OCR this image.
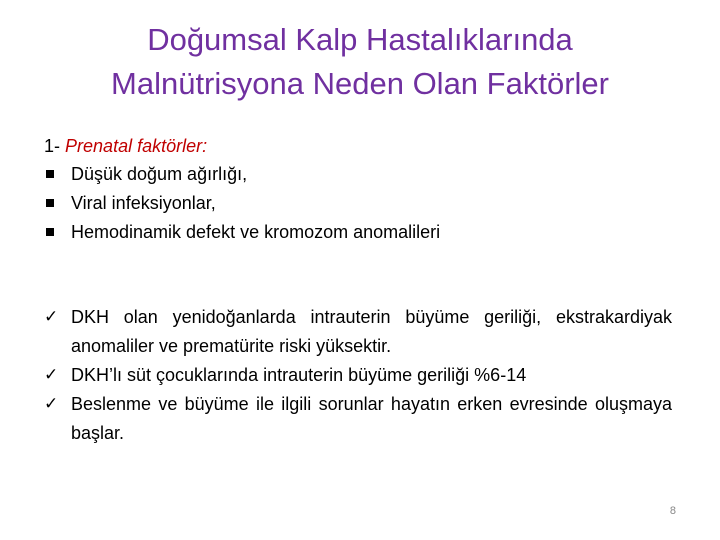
Doğumsal Kalp Hastalıklarında
Malnütrisyona Neden Olan Faktörler
1- Prenatal faktörler:
Düşük doğum ağırlığı,
Viral infeksiyonlar,
Hemodinamik defekt ve kromozom anomalileri
✓ DKH olan yenidoğanlarda intrauterin büyüme geriliği, ekstrakardiyak anomaliler ve prematürite riski yüksektir.
✓ DKH’lı süt çocuklarında intrauterin büyüme geriliği %6-14
✓ Beslenme ve büyüme ile ilgili sorunlar hayatın erken evresinde oluşmaya başlar.
8
